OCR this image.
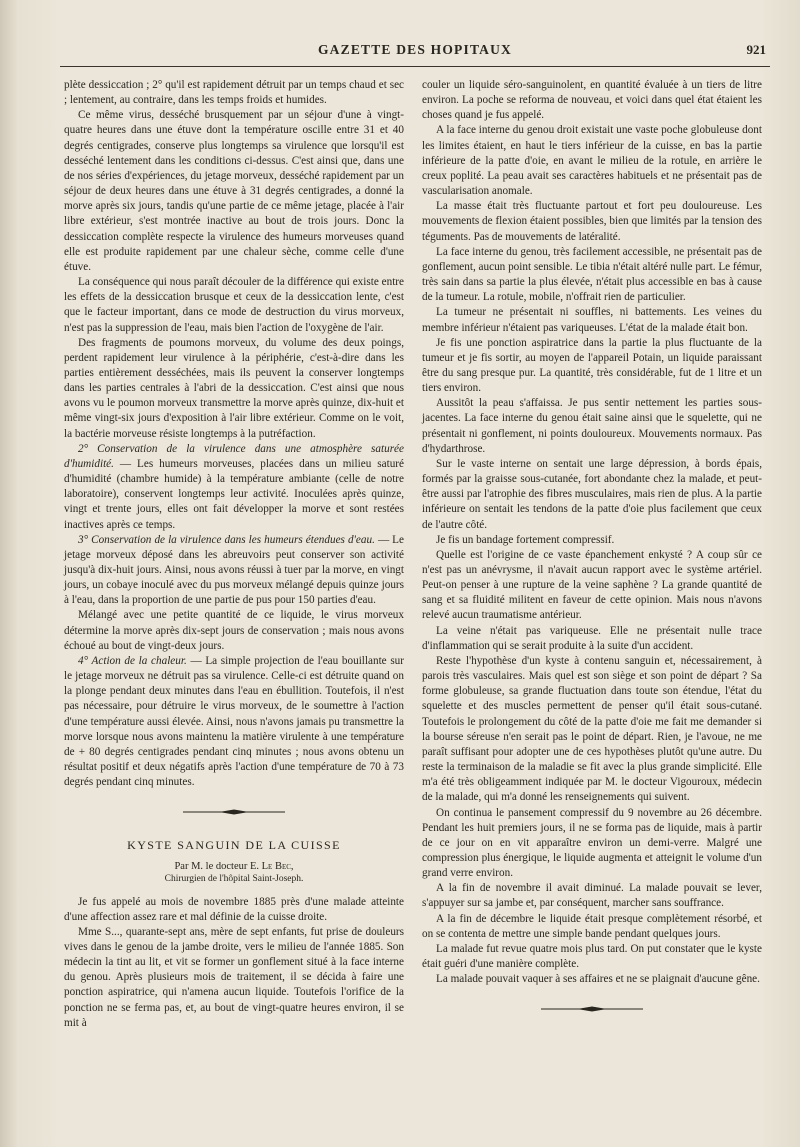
GAZETTE DES HOPITAUX	921

plète dessiccation ; 2° qu'il est rapidement détruit par un temps chaud et sec ; lentement, au contraire, dans les temps froids et humides.

Ce même virus, desséché brusquement par un séjour d'une à vingt-quatre heures dans une étuve dont la température oscille entre 31 et 40 degrés centigrades, conserve plus longtemps sa virulence que lorsqu'il est desséché lentement dans les conditions ci-dessus. C'est ainsi que, dans une de nos séries d'expériences, du jetage morveux, desséché rapidement par un séjour de deux heures dans une étuve à 31 degrés centigrades, a donné la morve après six jours, tandis qu'une partie de ce même jetage, placée à l'air libre extérieur, s'est montrée inactive au bout de trois jours. Donc la dessiccation complète respecte la virulence des humeurs morveuses quand elle est produite rapidement par une chaleur sèche, comme celle d'une étuve.

La conséquence qui nous paraît découler de la différence qui existe entre les effets de la dessiccation brusque et ceux de la dessiccation lente, c'est que le facteur important, dans ce mode de destruction du virus morveux, n'est pas la suppression de l'eau, mais bien l'action de l'oxygène de l'air.

Des fragments de poumons morveux, du volume des deux poings, perdent rapidement leur virulence à la périphérie, c'est-à-dire dans les parties entièrement desséchées, mais ils peuvent la conserver longtemps dans les parties centrales à l'abri de la dessiccation. C'est ainsi que nous avons vu le poumon morveux transmettre la morve après quinze, dix-huit et même vingt-six jours d'exposition à l'air libre extérieur. Comme on le voit, la bactérie morveuse résiste longtemps à la putréfaction.

2° Conservation de la virulence dans une atmosphère saturée d'humidité. — Les humeurs morveuses, placées dans un milieu saturé d'humidité (chambre humide) à la température ambiante (celle de notre laboratoire), conservent longtemps leur activité. Inoculées après quinze, vingt et trente jours, elles ont fait développer la morve et sont restées inactives après ce temps.

3° Conservation de la virulence dans les humeurs étendues d'eau. — Le jetage morveux déposé dans les abreuvoirs peut conserver son activité jusqu'à dix-huit jours. Ainsi, nous avons réussi à tuer par la morve, en vingt jours, un cobaye inoculé avec du pus morveux mélangé depuis quinze jours à l'eau, dans la proportion de une partie de pus pour 150 parties d'eau.

Mélangé avec une petite quantité de ce liquide, le virus morveux détermine la morve après dix-sept jours de conservation ; mais nous avons échoué au bout de vingt-deux jours.

4° Action de la chaleur. — La simple projection de l'eau bouillante sur le jetage morveux ne détruit pas sa virulence. Celle-ci est détruite quand on la plonge pendant deux minutes dans l'eau en ébullition. Toutefois, il n'est pas nécessaire, pour détruire le virus morveux, de le soumettre à l'action d'une température aussi élevée. Ainsi, nous n'avons jamais pu transmettre la morve lorsque nous avons maintenu la matière virulente à une température de + 80 degrés centigrades pendant cinq minutes ; nous avons obtenu un résultat positif et deux négatifs après l'action d'une température de 70 à 73 degrés pendant cinq minutes.

KYSTE SANGUIN DE LA CUISSE
Par M. le docteur E. Le Bec,
Chirurgien de l'hôpital Saint-Joseph.

Je fus appelé au mois de novembre 1885 près d'une malade atteinte d'une affection assez rare et mal définie de la cuisse droite.

Mme S..., quarante-sept ans, mère de sept enfants, fut prise de douleurs vives dans le genou de la jambe droite, vers le milieu de l'année 1885. Son médecin la tint au lit, et vit se former un gonflement situé à la face interne du genou. Après plusieurs mois de traitement, il se décida à faire une ponction aspiratrice, qui n'amena aucun liquide. Toutefois l'orifice de la ponction ne se ferma pas, et, au bout de vingt-quatre heures environ, il se mit à

couler un liquide séro-sanguinolent, en quantité évaluée à un tiers de litre environ. La poche se reforma de nouveau, et voici dans quel état étaient les choses quand je fus appelé.

A la face interne du genou droit existait une vaste poche globuleuse dont les limites étaient, en haut le tiers inférieur de la cuisse, en bas la partie inférieure de la patte d'oie, en avant le milieu de la rotule, en arrière le creux poplité. La peau avait ses caractères habituels et ne présentait pas de vascularisation anomale.

La masse était très fluctuante partout et fort peu douloureuse. Les mouvements de flexion étaient possibles, bien que limités par la tension des téguments. Pas de mouvements de latéralité.

La face interne du genou, très facilement accessible, ne présentait pas de gonflement, aucun point sensible. Le tibia n'était altéré nulle part. Le fémur, très sain dans sa partie la plus élevée, n'était plus accessible en bas à cause de la tumeur. La rotule, mobile, n'offrait rien de particulier.

La tumeur ne présentait ni souffles, ni battements. Les veines du membre inférieur n'étaient pas variqueuses. L'état de la malade était bon.

Je fis une ponction aspiratrice dans la partie la plus fluctuante de la tumeur et je fis sortir, au moyen de l'appareil Potain, un liquide paraissant être du sang presque pur. La quantité, très considérable, fut de 1 litre et un tiers environ.

Aussitôt la peau s'affaissa. Je pus sentir nettement les parties sous-jacentes. La face interne du genou était saine ainsi que le squelette, qui ne présentait ni gonflement, ni points douloureux. Mouvements normaux. Pas d'hydarthrose.

Sur le vaste interne on sentait une large dépression, à bords épais, formés par la graisse sous-cutanée, fort abondante chez la malade, et peut-être aussi par l'atrophie des fibres musculaires, mais rien de plus. A la partie inférieure on sentait les tendons de la patte d'oie plus facilement que ceux de l'autre côté.

Je fis un bandage fortement compressif.

Quelle est l'origine de ce vaste épanchement enkysté ? A coup sûr ce n'est pas un anévrysme, il n'avait aucun rapport avec le système artériel. Peut-on penser à une rupture de la veine saphène ? La grande quantité de sang et sa fluidité militent en faveur de cette opinion. Mais nous n'avons relevé aucun traumatisme antérieur.

La veine n'était pas variqueuse. Elle ne présentait nulle trace d'inflammation qui se serait produite à la suite d'un accident.

Reste l'hypothèse d'un kyste à contenu sanguin et, nécessairement, à parois très vasculaires. Mais quel est son siège et son point de départ ? Sa forme globuleuse, sa grande fluctuation dans toute son étendue, l'état du squelette et des muscles permettent de penser qu'il était sous-cutané. Toutefois le prolongement du côté de la patte d'oie me fait me demander si la bourse séreuse n'en serait pas le point de départ. Rien, je l'avoue, ne me paraît suffisant pour adopter une de ces hypothèses plutôt qu'une autre. Du reste la terminaison de la maladie se fit avec la plus grande simplicité. Elle m'a été très obligeamment indiquée par M. le docteur Vigouroux, médecin de la malade, qui m'a donné les renseignements qui suivent.

On continua le pansement compressif du 9 novembre au 26 décembre. Pendant les huit premiers jours, il ne se forma pas de liquide, mais à partir de ce jour on en vit apparaître environ un demi-verre. Malgré une compression plus énergique, le liquide augmenta et atteignit le volume d'un grand verre environ.

A la fin de novembre il avait diminué. La malade pouvait se lever, s'appuyer sur sa jambe et, par conséquent, marcher sans souffrance.

A la fin de décembre le liquide était presque complètement résorbé, et on se contenta de mettre une simple bande pendant quelques jours.

La malade fut revue quatre mois plus tard. On put constater que le kyste était guéri d'une manière complète.

La malade pouvait vaquer à ses affaires et ne se plaignait d'aucune gêne.
